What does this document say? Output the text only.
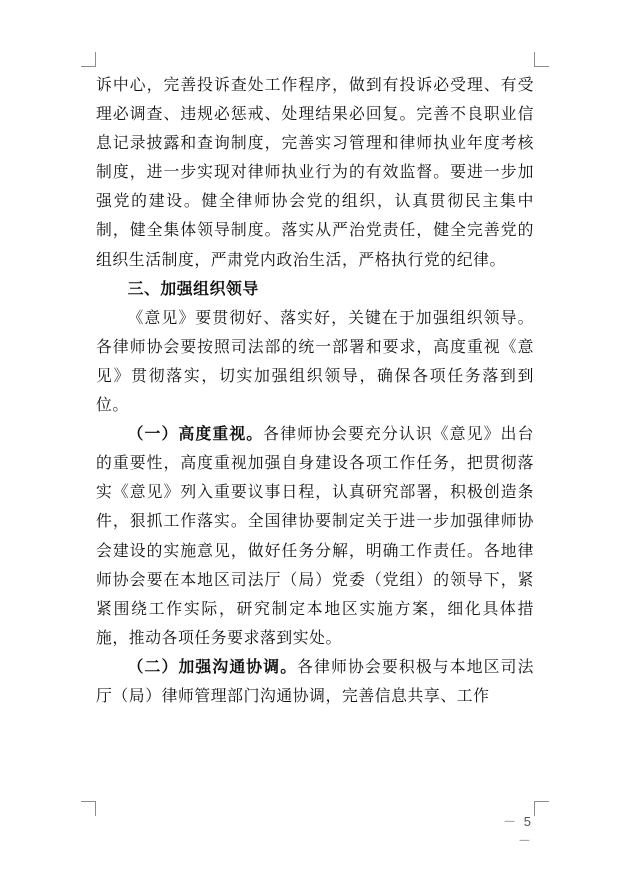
诉中心，完善投诉查处工作程序，做到有投诉必受理、有受理必调查、违规必惩戒、处理结果必回复。完善不良职业信息记录披露和查询制度，完善实习管理和律师执业年度考核制度，进一步实现对律师执业行为的有效监督。要进一步加强党的建设。健全律师协会党的组织，认真贯彻民主集中制，健全集体领导制度。落实从严治党责任，健全完善党的组织生活制度，严肃党内政治生活，严格执行党的纪律。

三、加强组织领导

《意见》要贯彻好、落实好，关键在于加强组织领导。各律师协会要按照司法部的统一部署和要求，高度重视《意见》贯彻落实，切实加强组织领导，确保各项任务落到到位。

（一）高度重视。各律师协会要充分认识《意见》出台的重要性，高度重视加强自身建设各项工作任务，把贯彻落实《意见》列入重要议事日程，认真研究部署，积极创造条件，狠抓工作落实。全国律协要制定关于进一步加强律师协会建设的实施意见，做好任务分解，明确工作责任。各地律师协会要在本地区司法厅（局）党委（党组）的领导下，紧紧围绕工作实际，研究制定本地区实施方案，细化具体措施，推动各项任务要求落到实处。

（二）加强沟通协调。各律师协会要积极与本地区司法厅（局）律师管理部门沟通协调，完善信息共享、工作

－ 5 －
